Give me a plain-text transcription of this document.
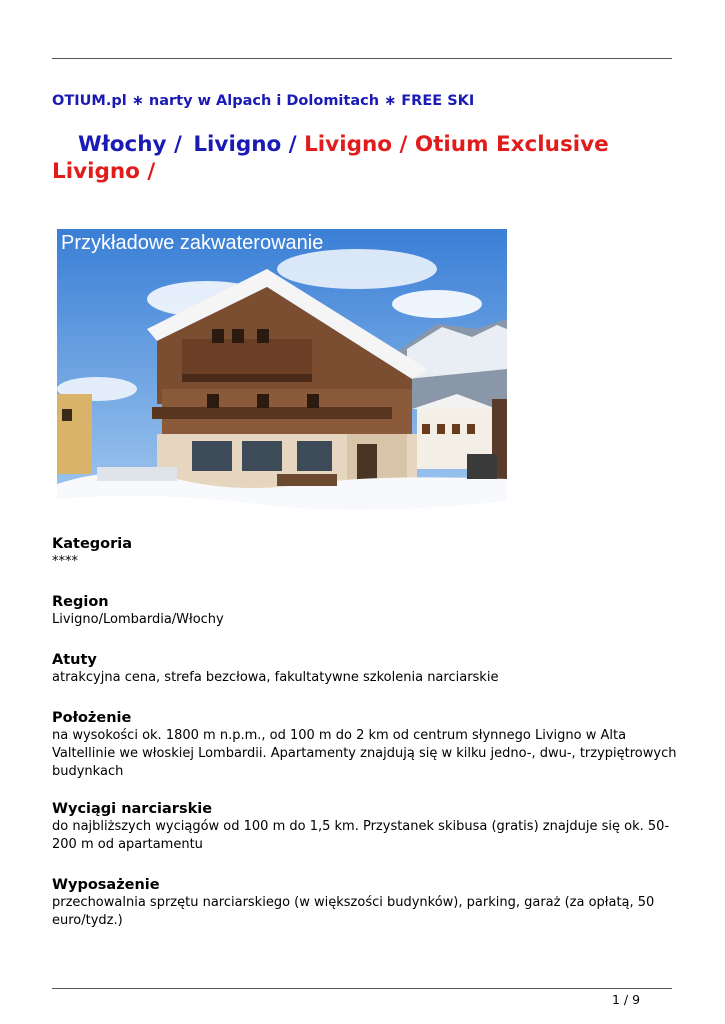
OTIUM.pl ∗ narty w Alpach i Dolomitach ∗ FREE SKI
Włochy / Livigno / Livigno / Otium Exclusive Livigno /
Przykładowe zakwaterowanie
Kategoria

****

Region

Livigno/Lombardia/Włochy

Atuty

atrakcyjna cena, strefa bezcłowa, fakultatywne szkolenia narciarskie

Położenie

na wysokości ok. 1800 m n.p.m., od 100 m do 2 km od centrum słynnego Livigno w Alta Valtellinie we włoskiej Lombardii. Apartamenty znajdują się w kilku jedno-, dwu-, trzypiętrowych budynkach

Wyciągi narciarskie

do najbliższych wyciągów od 100 m do 1,5 km. Przystanek skibusa (gratis) znajduje się ok. 50-200 m od apartamentu

Wyposażenie

przechowalnia sprzętu narciarskiego (w większości budynków), parking, garaż (za opłatą, 50 euro/tydz.)

1 / 9
